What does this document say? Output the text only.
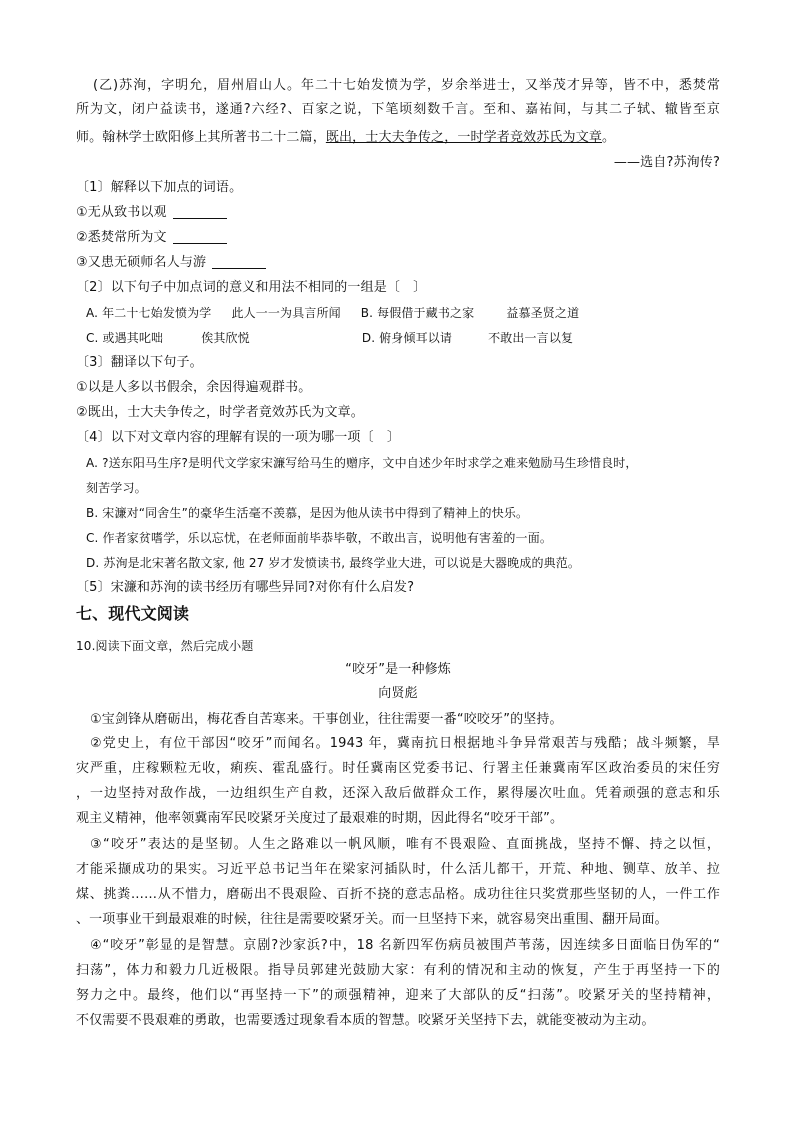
(乙)苏洵，字明允，眉州眉山人。年二十七始发愤为学，岁余举进士，又举茂才异等，皆不中，悉焚常
所为文，闭户益读书，遂通?六经?、百家之说，下笔顷刻数千言。至和、嘉祐间，与其二子轼、辙皆至京
师。翰林学士欧阳修上其所著书二十二篇，既出，士大夫争传之，一时学者竞效苏氏为文章。
——选自?苏洵传?
〔1〕解释以下加点的词语。
①无从致书以观
②悉焚常所为文
③又患无硕师名人与游
〔2〕以下句子中加点词的意义和用法不相同的一组是〔　〕
A. 年二十七始发愤为学 此人一一为具言所闻 B. 每假借于藏书之家	益慕圣贤之道
C. 或遇其叱咄	俟其欣悦	D. 俯身倾耳以请	不敢出一言以复
〔3〕翻译以下句子。
①以是人多以书假余，余因得遍观群书。
②既出，士大夫争传之，时学者竟效苏氏为文章。
〔4〕以下对文章内容的理解有误的一项为哪一项〔　〕
A. ?送东阳马生序?是明代文学家宋濂写给马生的赠序，文中自述少年时求学之难来勉励马生珍惜良时，
刻苦学习。
B. 宋濂对“同舍生”的豪华生活毫不羡慕，是因为他从读书中得到了精神上的快乐。
C. 作者家贫嗜学，乐以忘忧，在老师面前毕恭毕敬，不敢出言，说明他有害羞的一面。
D. 苏洵是北宋著名散文家, 他 27 岁才发愤读书, 最终学业大进，可以说是大器晚成的典范。
〔5〕宋濂和苏洵的读书经历有哪些异同?对你有什么启发?
七、现代文阅读
10.阅读下面文章，然后完成小题
“咬牙”是一种修炼
向贤彪
①宝剑锋从磨砺出，梅花香自苦寒来。干事创业，往往需要一番“咬咬牙”的坚持。
②党史上，有位干部因“咬牙”而闻名。1943 年，冀南抗日根据地斗争异常艰苦与残酷；战斗频繁，旱
灾严重，庄稼颗粒无收，痢疾、霍乱盛行。时任冀南区党委书记、行署主任兼冀南军区政治委员的宋任穷
，一边坚持对敌作战，一边组织生产自救，还深入敌后做群众工作，累得屡次吐血。凭着顽强的意志和乐
观主义精神，他率领冀南军民咬紧牙关度过了最艰难的时期，因此得名“咬牙干部”。
③“咬牙”表达的是坚韧。人生之路难以一帆风顺，唯有不畏艰险、直面挑战，坚持不懈、持之以恒，
才能采撷成功的果实。习近平总书记当年在梁家河插队时，什么活儿都干，开荒、种地、铡草、放羊、拉
煤、挑粪……从不惜力，磨砺出不畏艰险、百折不挠的意志品格。成功往往只奖赏那些坚韧的人，一件工作
、一项事业干到最艰难的时候，往往是需要咬紧牙关。而一旦坚持下来，就容易突出重围、翻开局面。
④“咬牙”彰显的是智慧。京剧?沙家浜?中，18 名新四军伤病员被围芦苇荡，因连续多日面临日伪军的“
扫荡”，体力和毅力几近极限。指导员郭建光鼓励大家：有利的情况和主动的恢复，产生于再坚持一下的
努力之中。最终，他们以“再坚持一下”的顽强精神，迎来了大部队的反“扫荡”。咬紧牙关的坚持精神，
不仅需要不畏艰难的勇敢，也需要透过现象看本质的智慧。咬紧牙关坚持下去，就能变被动为主动。
